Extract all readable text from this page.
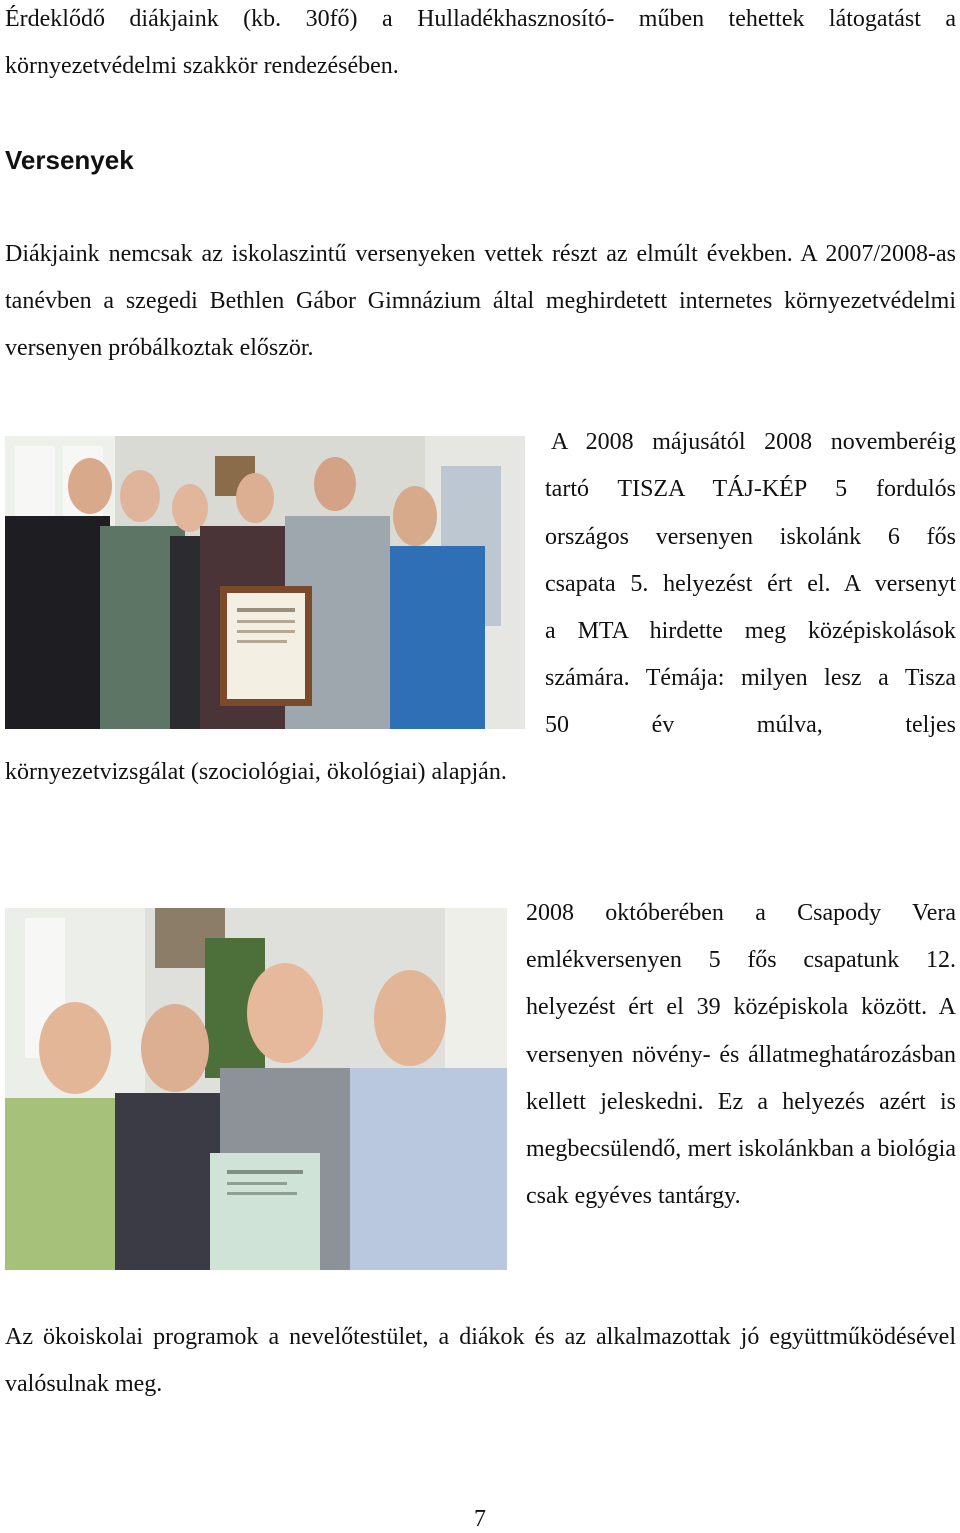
Érdeklődő diákjaink (kb. 30fő) a Hulladékhasznosító- műben tehettek látogatást a környezetvédelmi szakkör rendezésében.

Versenyek

Diákjaink nemcsak az iskolaszintű versenyeken vettek részt az elmúlt években. A 2007/2008-as tanévben a szegedi Bethlen Gábor Gimnázium által meghirdetett internetes környezetvédelmi versenyen próbálkoztak először.

A 2008 májusától 2008 novemberéig

tartó TISZA TÁJ-KÉP 5 fordulós

országos versenyen iskolánk 6 fős

csapata 5. helyezést ért el. A versenyt

a MTA hirdette meg középiskolások

számára. Témája: milyen lesz a Tisza

50 év múlva, teljes

környezetvizsgálat (szociológiai, ökológiai) alapján.

2008 októberében a Csapody Vera emlékversenyen 5 fős csapatunk 12. helyezést ért el 39 középiskola között. A versenyen növény- és állatmeghatározásban kellett jeleskedni. Ez a helyezés azért is megbecsülendő, mert iskolánkban a biológia csak egyéves tantárgy.

Az ökoiskolai programok a nevelőtestület, a diákok és az alkalmazottak jó együttműködésével valósulnak meg.

7
